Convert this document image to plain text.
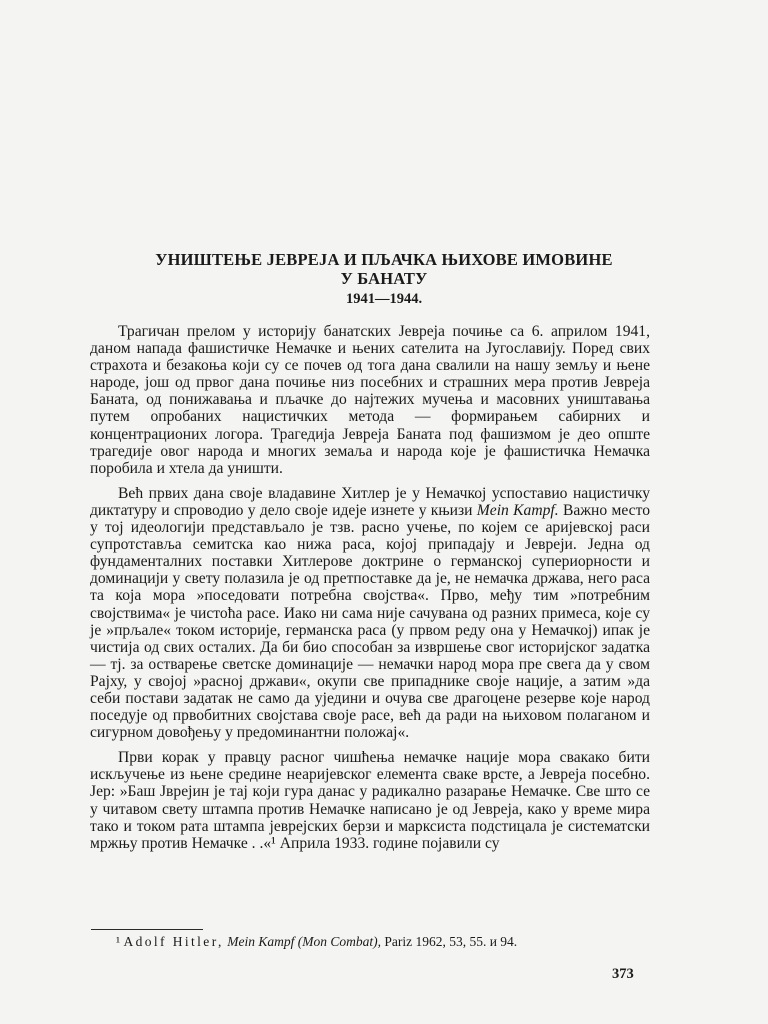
УНИШТЕЊЕ ЈЕВРЕЈА И ПЉАЧКА ЊИХОВЕ ИМОВИНЕ
У БАНАТУ
1941—1944.

Трагичан прелом у историју банатских Јевреја почиње са 6. априлом 1941, даном напада фашистичке Немачке и њених сателита на Југославију. Поред свих страхота и безакоња који су се почев од тога дана свалили на нашу земљу и њене народе, још од првог дана почиње низ посебних и страшних мера против Јевреја Баната, од понижавања и пљачке до најтежих мучења и масовних уништавања путем опробаних нацистичких метода — формирањем сабирних и концентрационих логора. Трагедија Јевреја Баната под фашизмом је део опште трагедије овог народа и многих земаља и народа које је фашистичка Немачка поробила и хтела да уништи.

Већ првих дана своје владавине Хитлер је у Немачкој успоставио нацистичку диктатуру и спроводио у дело своје идеје изнете у књизи Mein Kampf. Важно место у тој идеологији представљало је тзв. расно учење, по којем се аријевској раси супротстављa семитска као нижа раса, којој припадају и Јевреји. Једна од фундаменталних поставки Хитлерове доктрине о германској супериорности и доминацији у свету полазила је од претпоставке да је, не немачка држава, него раса та која мора »поседовати потребна својства«. Прво, међу тим »потребним својствима« је чистоћа расе. Иако ни сама није сачувана од разних примеса, које су је »прљале« током историје, германска раса (у првом реду она у Немачкој) ипак је чистија од свих осталих. Да би био способан за извршење свог историјског задатка — тј. за остварење светске доминације — немачки народ мора пре свега да у свом Рајху, у својој »расној држави«, окупи све припаднике своје нације, а затим »да себи постави задатак не само да уједини и очува све драгоцене резерве које народ поседује од првобитних својстава своје расе, већ да ради на њиховом полаганом и сигурном довођењу у предоминантни положај«.

Први корак у правцу расног чишћења немачке нације мора свакако бити искључење из њене средине неаријевског елемента сваке врсте, а Јевреја посебно. Јер: »Баш Јврејин је тај који гура данас у радикално разарање Немачке. Све што се у читавом свету штампа против Немачке написано је од Јевреја, како у време мира тако и током рата штампа јеврејских берзи и марксиста подстицала је систематски мржњу против Немачке . .«¹ Априла 1933. године појавили су

¹ Adolf Hitler, Mein Kampf (Mon Combat), Pariz 1962, 53, 55. и 94.
373
